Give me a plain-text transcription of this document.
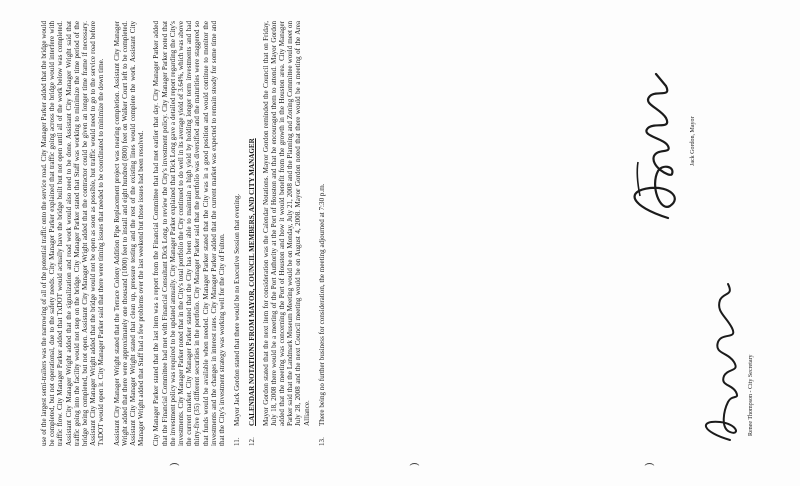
use of the largest semi-trailers was the narrowing of all of the potential traffic onto the service road. City Manager Parker added that the bridge would be completed, but not operational, due to the safety needs. City Manager Parker explained that traffic going across the bridge would interfere with traffic flow. City Manager Parker added that TxDOT would actually have the bridge built but not open until all of the work below was completed. Assistant City Manager Wright added that the signalization and road work would also need to be done. Assistant City Manager Wright said that traffic going into the facility would not stop on the bridge. City Manager Parker stated that Staff was working to minimize the time period of the bridge being completed, but not open. Assistant City Manager Wright added that the contractor could be given an longer time frame if necessary. Assistant City Manager Wright added that the bridge would not be open as soon as possible, but traffic would need to go to the service road before TxDOT would open it. City Manager Parker said that there were timing issues that needed to be coordinated to minimize the down time. Assistant City Manager Wright stated that the Terrace Colony Addition Pipe Replacement project was nearing completion. Assistant City Manager Wright added that there were approximately one thousand (1000) feet to install and eight hundred (800) feet on Walker Court left to be completed. Assistant City Manager Wright stated that clean up, pressure testing and the rest of the existing lines would complete the work. Assistant City Manager Wright added that Staff had a few problems over the last weekend but those issues had been resolved. City Manager Parker stated that the last item was a report from the Financial Committee that had met earlier that day. City Manager Parker added that the Financial Committee had met with Financial Consultant Dick Long, to review the City's investment policy. City Manager Parker noted that the investment policy was required to be updated annually. City Manager Parker explained that Dick Long gave a detailed report regarding the City's investments. City Manager Parker noted that in the City's total portfolio the City continued to do well in its average yield of 3.64%, which was above the current market. City Manager Parker stated that the City has been able to maintain a high yield by holding longer term investments and had thirty-five (35) different securities in the portfolio. City Manager Parker said that the portfolio was diversified and the maturities were staggered so that funds would be available when needed. City Manager Parker stated that the City was in a good position and would continue to monitor the investments and the changes in interest rates. City Manager Parker added that the current market was expected to remain steady for some time and that the City's investment strategy was working well for the City of Fulton. 11.Mayor Jack Gordon stated that there would be no Executive Session that evening.
12.CALENDAR NOTATIONS FROM MAYOR, COUNCIL MEMBERS, AND CITY MANAGER Mayor Gordon stated that the next item for consideration was the Calendar Notations. Mayor Gordon reminded the Council that on Friday, July 18, 2008 there would be a meeting of the Port Authority at the Port of Houston and that he encouraged them to attend. Mayor Gordon added that the meeting was concerning the Port of Houston and how it would benefit from the growth in the Houston area. City Manager Parker said that the Landmark Museum Meeting would be on Monday, July 21, 2008 and the Planning and Zoning Committee would meet on July 28, 2008 and the next Council meeting would be on August 4, 2008. Mayor Gordon noted that there would be a meeting of the Area Alliance.

13.There being no further business for consideration, the meeting adjourned at 7:30 p.m.
Jack Gordon, Mayor
Renee Thompson - City Secretary
)	)	)
